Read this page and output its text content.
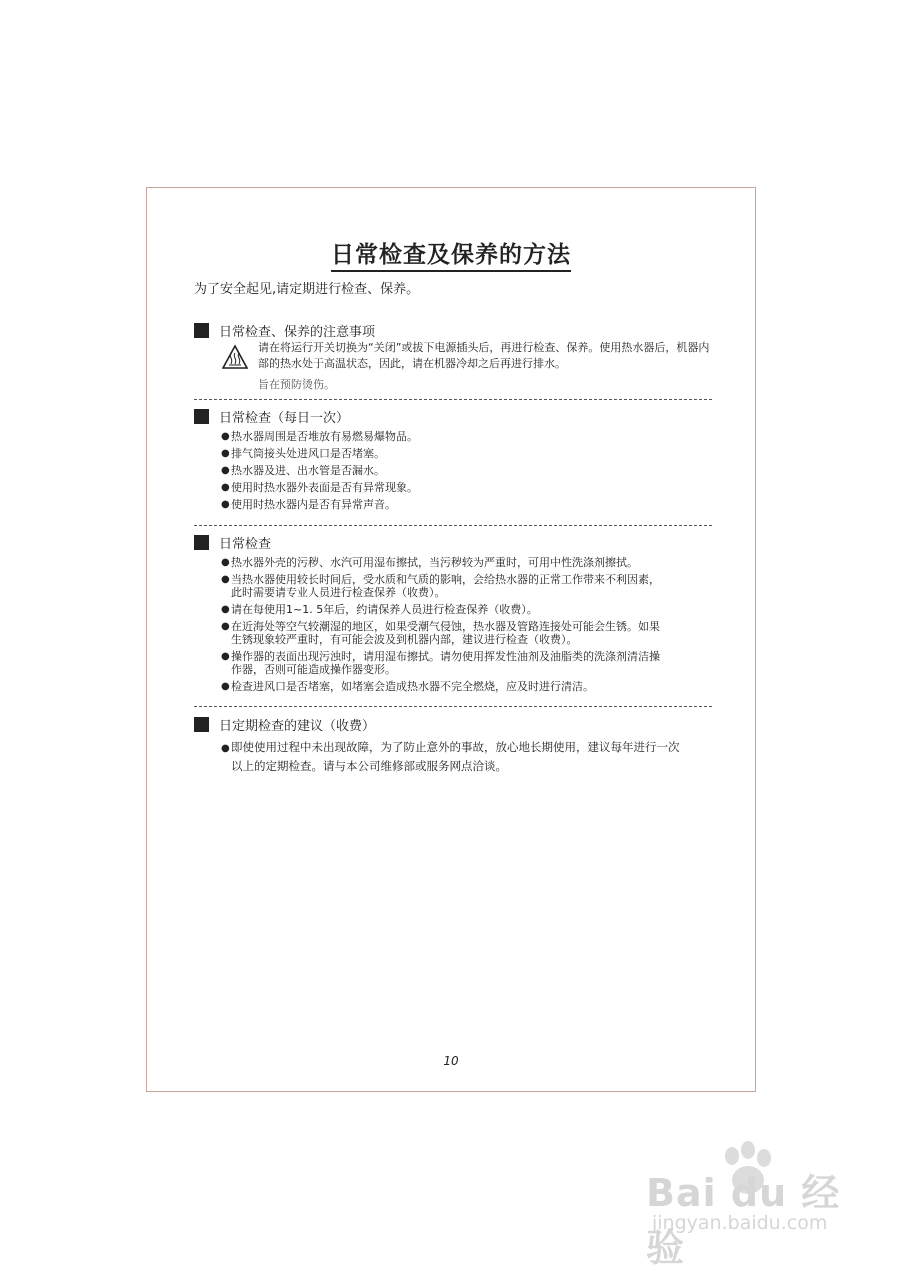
日常检查及保养的方法
为了安全起见,请定期进行检查、保养。
日常检查、保养的注意事项
请在将运行开关切换为“关闭”或拔下电源插头后，再进行检查、保养。使用热水器后，机器内部的热水处于高温状态，因此，请在机器冷却之后再进行排水。
旨在预防烫伤。
日常检查（每日一次）
● 热水器周围是否堆放有易燃易爆物品。
● 排气筒接头处进风口是否堵塞。
● 热水器及进、出水管是否漏水。
● 使用时热水器外表面是否有异常现象。
● 使用时热水器内是否有异常声音。
日常检查
● 热水器外壳的污秽、水汽可用湿布擦拭，当污秽较为严重时，可用中性洗涤剂擦拭。
● 当热水器使用较长时间后，受水质和气质的影响，会给热水器的正常工作带来不利因素，
此时需要请专业人员进行检查保养（收费）。
● 请在每使用1~1. 5年后，约请保养人员进行检查保养（收费）。
● 在近海处等空气较潮湿的地区，如果受潮气侵蚀，热水器及管路连接处可能会生锈。如果
生锈现象较严重时，有可能会波及到机器内部，建议进行检查（收费）。
● 操作器的表面出现污浊时，请用湿布擦拭。请勿使用挥发性油剂及油脂类的洗涤剂清洁操
作器，否则可能造成操作器变形。
● 检查进风口是否堵塞，如堵塞会造成热水器不完全燃烧，应及时进行清洁。
日定期检查的建议（收费）
● 即使使用过程中未出现故障，为了防止意外的事故，放心地长期使用，建议每年进行一次
以上的定期检查。请与本公司维修部或服务网点洽谈。
10
Bai du 经验
jingyan.baidu.com
